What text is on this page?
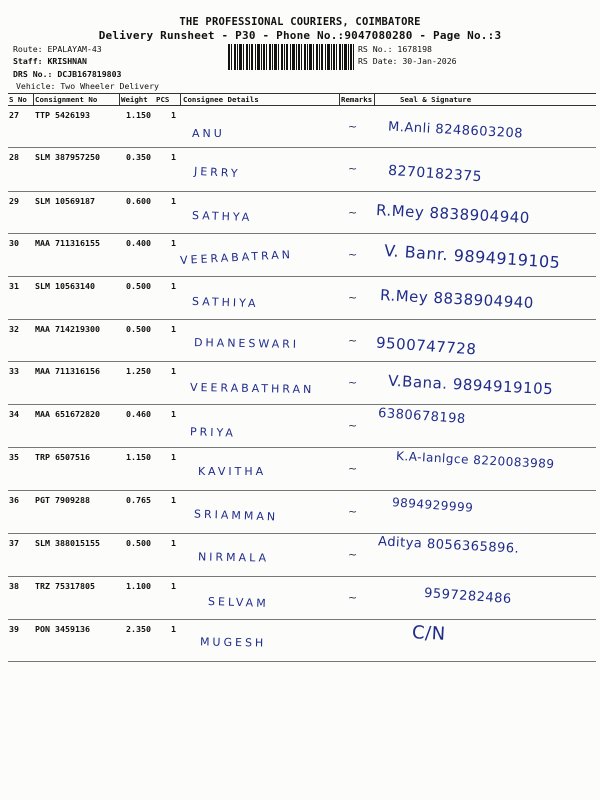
THE PROFESSIONAL COURIERS, COIMBATORE
Delivery Runsheet - P30 - Phone No.:9047080280 - Page No.:3
Route: EPALAYAM-43
Staff: KRISHNAN
DRS No.: DCJB167819803
Vehicle: Two Wheeler Delivery
RS No.: 1678198
RS Date: 30-Jan-2026
S No Consignment No	Weight PCS Consignee Details	Remarks	Seal & Signature
27 TTP 5426193	1.150 1
ANU
~ M.Anli 8248603208
28 SLM 387957250	0.350 1
JERRY	~ 8270182375
29 SLM 10569187	0.600 1
SATHYA	~ R.Mey 8838904940
30 MAA 711316155	0.400 1
VEERABATRAN	~ V. Banr. 9894919105
31 SLM 10563140	0.500 1
SATHIYA	~ R.Mey 8838904940
32 MAA 714219300	0.500 1
DHANESWARI	~ 9500747728
33 MAA 711316156	1.250 1
VEERABATHRAN	~ V.Bana. 9894919105
34 MAA 651672820	0.460 1
PRIYA	~ 6380678198
35 TRP 6507516	1.150 1
KAVITHA	~	K.A-Ianlgce 8220083989
36 PGT 7909288	0.765 1
SRIAMMAN	~	9894929999
37 SLM 388015155	0.500 1
NIRMALA	~ Aditya 8056365896.
38 TRZ 75317805	1.100 1
SELVAM	~	9597282486
39 PON 3459136	2.350 1
MUGESH	C/N
